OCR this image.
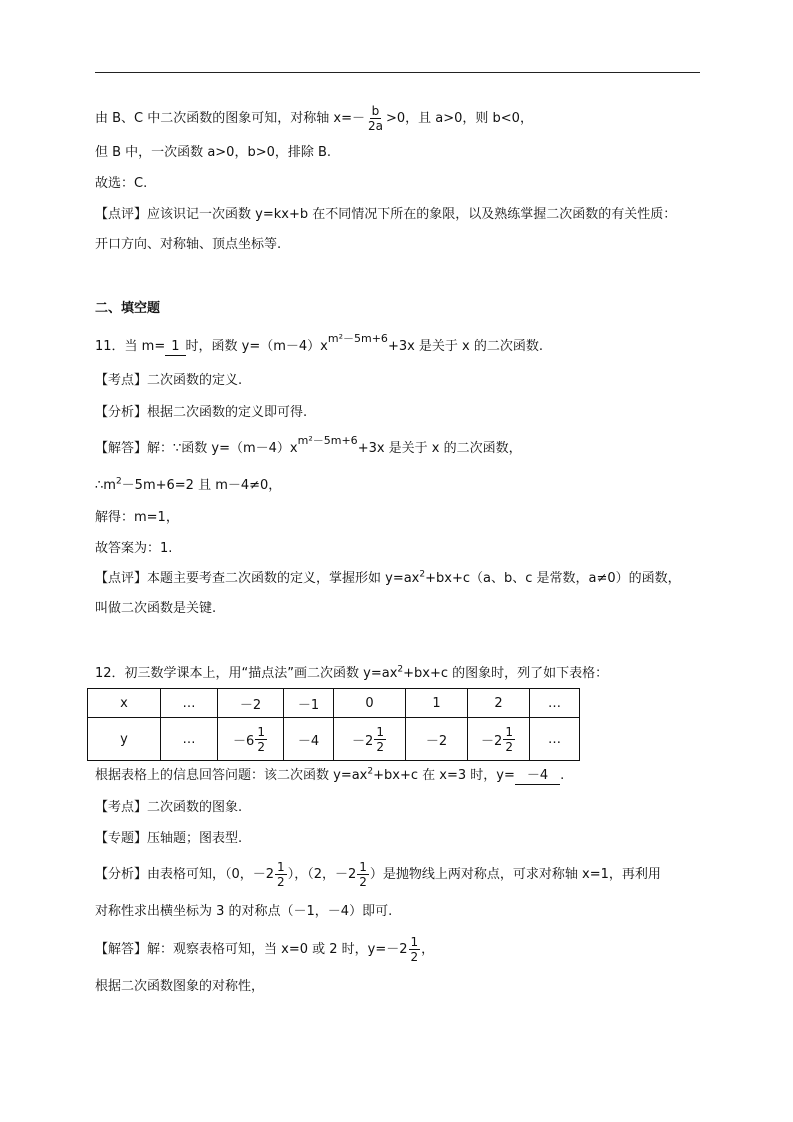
由 B、C 中二次函数的图象可知，对称轴 $x=- \frac{b}{2a} >0$，且 a>0，则 b<0，
但 B 中，一次函数 a>0，b>0，排除 B.
故选：C.
【点评】应该识记一次函数 y=kx+b 在不同情况下所在的象限，以及熟练掌握二次函数的有关性质：
开口方向、对称轴、顶点坐标等.
二、填空题
11．当 m= 1 时，函数 $y=(m-4)x^{m^2-5m+6}+3x$ 是关于 x 的二次函数.
【考点】二次函数的定义.
【分析】根据二次函数的定义即可得.
【解答】解：∵函数 $y=(m-4)x^{m^2-5m+6}+3x$ 是关于 x 的二次函数，
$\therefore m^2-5m+6=2$ 且 m－4≠0，
解得：m=1，
故答案为：1.
【点评】本题主要考查二次函数的定义，掌握形如 $y=ax^2+bx+c(a$、b、c 是常数，a≠0）的函数，
叫做二次函数是关键.
12．初三数学课本上，用“描点法”画二次函数 $y=ax^2+bx+c$ 的图象时，列了如下表格：
x	…	－2	－1	0	1	2	…
y	…	$-6 \frac{1}{2}$	－4	$-2 \frac{1}{2}$	－2	$-2 \frac{1}{2}$	…
根据表格上的信息回答问题：该二次函数 $y=ax^2+bx+c$ 在 x=3 时，y= －4 .
【考点】二次函数的图象.
【专题】压轴题；图表型.
【分析】由表格可知，（0，$-2 \frac{1}{2}$ ），（2，$-2 \frac{1}{2}$ ）是抛物线上两对称点，可求对称轴 x=1，再利用
对称性求出横坐标为 3 的对称点（－1，－4）即可.
【解答】解：观察表格可知，当 x=0 或 2 时，$y=-2 \frac{1}{2}$ ，
根据二次函数图象的对称性，
